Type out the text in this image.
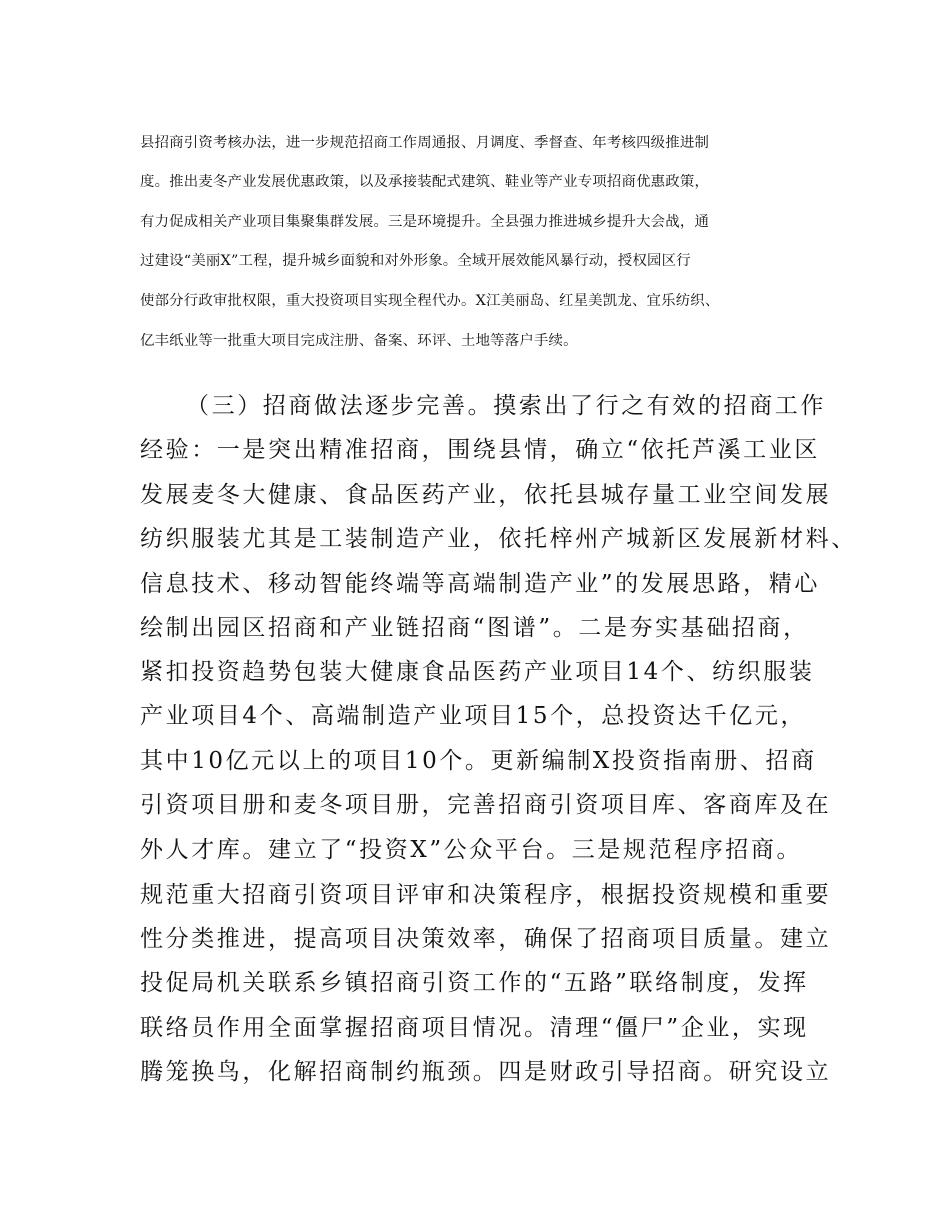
县招商引资考核办法，进一步规范招商工作周通报、月调度、季督查、年考核四级推进制
度。推出麦冬产业发展优惠政策，以及承接装配式建筑、鞋业等产业专项招商优惠政策，
有力促成相关产业项目集聚集群发展。三是环境提升。全县强力推进城乡提升大会战，通
过建设“美丽X”工程，提升城乡面貌和对外形象。全域开展效能风暴行动，授权园区行
使部分行政审批权限，重大投资项目实现全程代办。X江美丽岛、红星美凯龙、宜乐纺织、
亿丰纸业等一批重大项目完成注册、备案、环评、土地等落户手续。
（三）招商做法逐步完善。摸索出了行之有效的招商工作
经验：一是突出精准招商，围绕县情，确立“依托芦溪工业区
发展麦冬大健康、食品医药产业，依托县城存量工业空间发展
纺织服装尤其是工装制造产业，依托梓州产城新区发展新材料、
信息技术、移动智能终端等高端制造产业”的发展思路，精心
绘制出园区招商和产业链招商“图谱”。二是夯实基础招商，
紧扣投资趋势包装大健康食品医药产业项目14个、纺织服装
产业项目4个、高端制造产业项目15个，总投资达千亿元，
其中10亿元以上的项目10个。更新编制X投资指南册、招商
引资项目册和麦冬项目册，完善招商引资项目库、客商库及在
外人才库。建立了“投资X”公众平台。三是规范程序招商。
规范重大招商引资项目评审和决策程序，根据投资规模和重要
性分类推进，提高项目决策效率，确保了招商项目质量。建立
投促局机关联系乡镇招商引资工作的“五路”联络制度，发挥
联络员作用全面掌握招商项目情况。清理“僵尸”企业，实现
腾笼换鸟，化解招商制约瓶颈。四是财政引导招商。研究设立
